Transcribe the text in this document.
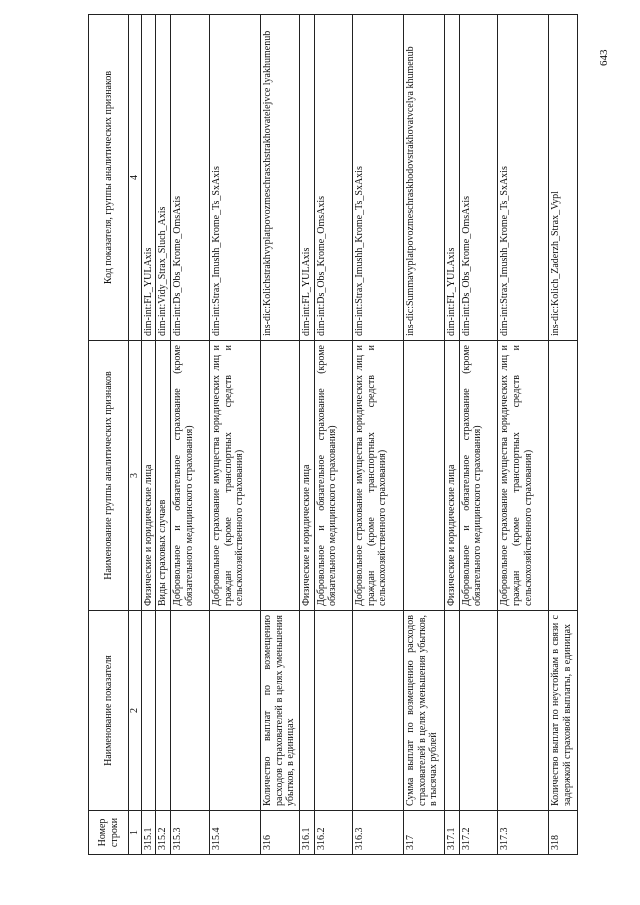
Номер строки	Наименование показателя	Наименование группы аналитических признаков	Код показателя, группы аналитических признаков
1	2	3	4
315.1		Физические и юридические лица	dim-int:FL_YULAxis
315.2		Виды страховых случаев	dim-int:Vidy_Strax_Sluch_Axis
315.3		Добровольное и обязательное страхование (кроме обязательного медицинского страхования)	dim-int:Ds_Obs_Krome_OmsAxis
315.4		Добровольное страхование имущества юридических лиц и граждан (кроме транспортных средств и сельскохозяйственного страхования)	dim-int:Strax_Imushh_Krome_Ts_SxAxis
316	Количество выплат по возмещению расходов страхователей в целях уменьшения убытков, в единицах		ins-dic:Kolichstrakhvyplatpovozmeschrasxhstrakhovatelejvce lyakhumenub
316.1		Физические и юридические лица	dim-int:FL_YULAxis
316.2		Добровольное и обязательное страхование (кроме обязательного медицинского страхования)	dim-int:Ds_Obs_Krome_OmsAxis
316.3		Добровольное страхование имущества юридических лиц и граждан (кроме транспортных средств и сельскохозяйственного страхования)	dim-int:Strax_Imushh_Krome_Ts_SxAxis
317	Сумма выплат по возмещению расходов страхователей в целях уменьшения убытков, в тысячах рублей		ins-dic:Summavyplatpovozmeschraskhodovstrakhovatvcelya khumenub
317.1		Физические и юридические лица	dim-int:FL_YULAxis
317.2		Добровольное и обязательное страхование (кроме обязательного медицинского страхования)	dim-int:Ds_Obs_Krome_OmsAxis
317.3		Добровольное страхование имущества юридических лиц и граждан (кроме транспортных средств и сельскохозяйственного страхования)	dim-int:Strax_Imushh_Krome_Ts_SxAxis
318	Количество выплат по неустойкам в связи с задержкой страховой выплаты, в единицах		ins-dic:Kolich_Zaderzh_Strax_Vypl
643
